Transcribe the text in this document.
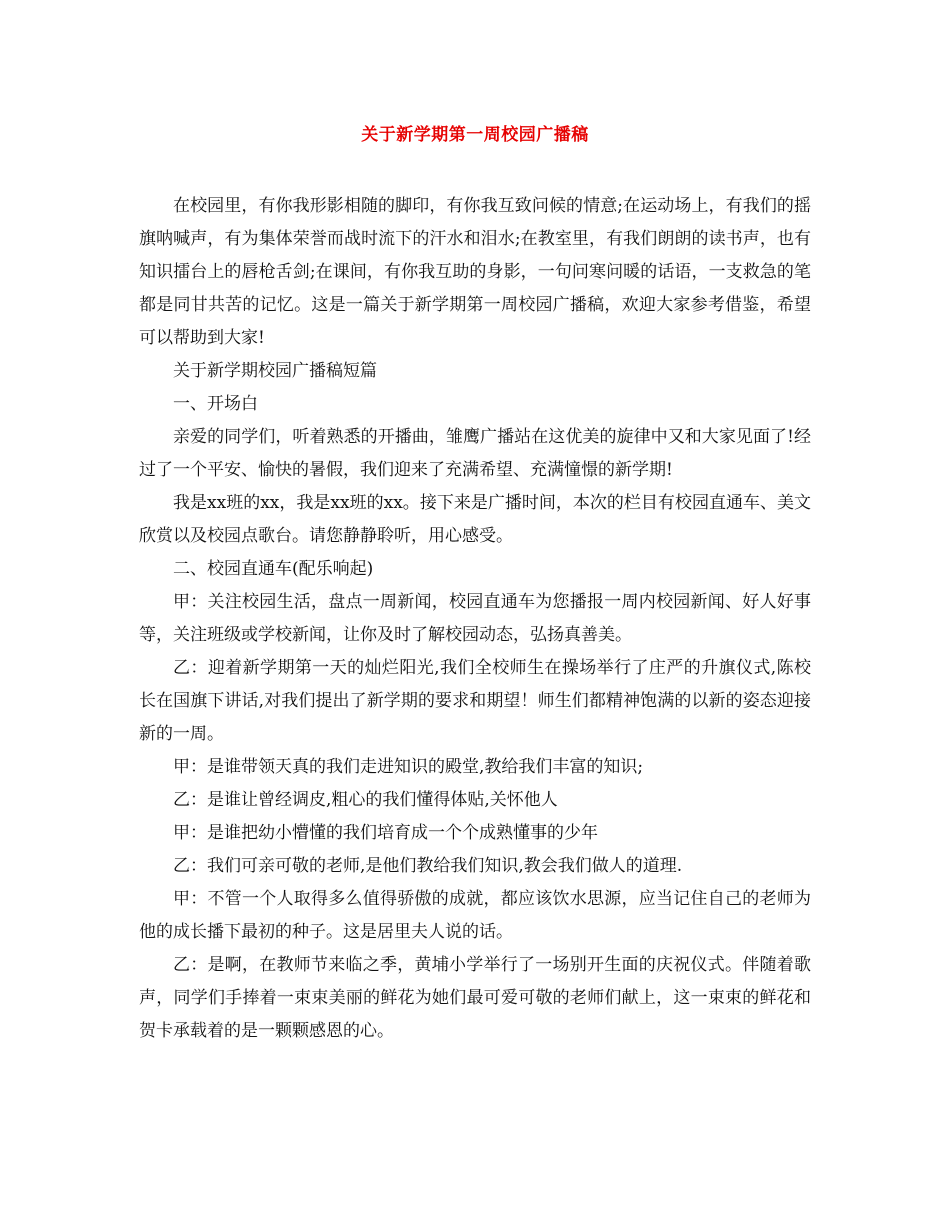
关于新学期第一周校园广播稿

在校园里，有你我形影相随的脚印，有你我互致问候的情意;在运动场上，有我们的摇旗呐喊声，有为集体荣誉而战时流下的汗水和泪水;在教室里，有我们朗朗的读书声，也有知识擂台上的唇枪舌剑;在课间，有你我互助的身影，一句问寒问暖的话语，一支救急的笔都是同甘共苦的记忆。这是一篇关于新学期第一周校园广播稿，欢迎大家参考借鉴，希望可以帮助到大家!

关于新学期校园广播稿短篇

一、开场白

亲爱的同学们，听着熟悉的开播曲，雏鹰广播站在这优美的旋律中又和大家见面了!经过了一个平安、愉快的暑假，我们迎来了充满希望、充满憧憬的新学期!

我是xx班的xx，我是xx班的xx。接下来是广播时间，本次的栏目有校园直通车、美文欣赏以及校园点歌台。请您静静聆听，用心感受。

二、校园直通车(配乐响起)

甲：关注校园生活，盘点一周新闻，校园直通车为您播报一周内校园新闻、好人好事等，关注班级或学校新闻，让你及时了解校园动态，弘扬真善美。

乙：迎着新学期第一天的灿烂阳光,我们全校师生在操场举行了庄严的升旗仪式,陈校长在国旗下讲话,对我们提出了新学期的要求和期望！师生们都精神饱满的以新的姿态迎接新的一周。

甲：是谁带领天真的我们走进知识的殿堂,教给我们丰富的知识;

乙：是谁让曾经调皮,粗心的我们懂得体贴,关怀他人

甲：是谁把幼小懵懂的我们培育成一个个成熟懂事的少年

乙：我们可亲可敬的老师,是他们教给我们知识,教会我们做人的道理.

甲：不管一个人取得多么值得骄傲的成就，都应该饮水思源，应当记住自己的老师为他的成长播下最初的种子。这是居里夫人说的话。

乙：是啊，在教师节来临之季，黄埔小学举行了一场别开生面的庆祝仪式。伴随着歌声，同学们手捧着一束束美丽的鲜花为她们最可爱可敬的老师们献上，这一束束的鲜花和贺卡承载着的是一颗颗感恩的心。
